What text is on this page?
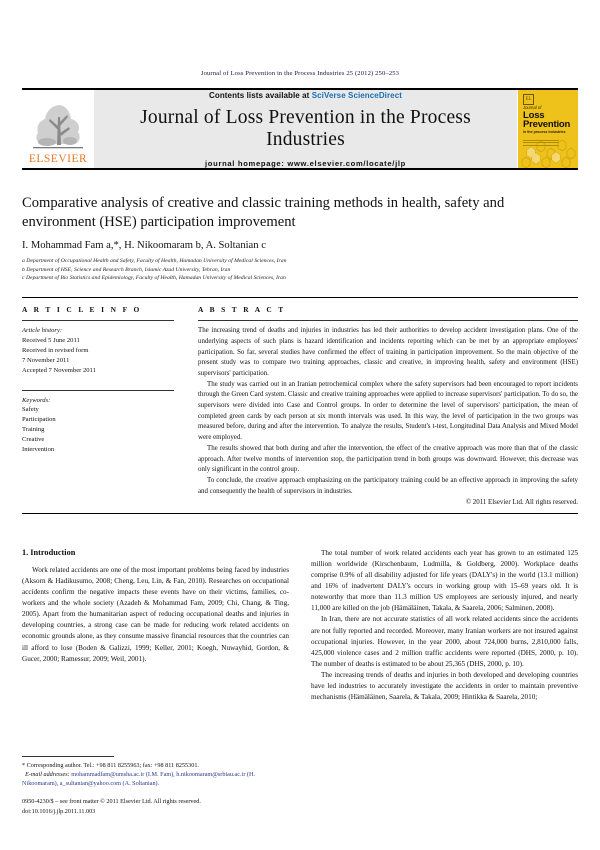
Journal of Loss Prevention in the Process Industries 25 (2012) 250–253
ELSEVIER
Contents lists available at SciVerse ScienceDirect
Journal of Loss Prevention in the Process Industries
journal homepage: www.elsevier.com/locate/jlp
EL
Journal of
Loss
Prevention
in the process industries
Comparative analysis of creative and classic training methods in health, safety and environment (HSE) participation improvement
I. Mohammad Fam a,*, H. Nikoomaram b, A. Soltanian c
a Department of Occupational Health and Safety, Faculty of Health, Hamadan University of Medical Sciences, Iran
b Department of HSE, Science and Research Branch, Islamic Azad University, Tehran, Iran
c Department of Bio Statistics and Epidemiology, Faculty of Health, Hamadan University of Medical Sciences, Iran
A R T I C L E I N F O
Article history:
Received 5 June 2011
Received in revised form
7 November 2011
Accepted 7 November 2011
Keywords:
Safety
Participation
Training
Creative
Intervention
A B S T R A C T

The increasing trend of deaths and injuries in industries has led their authorities to develop accident investigation plans. One of the underlying aspects of such plans is hazard identification and incidents reporting which can be met by an appropriate employees' participation. So far, several studies have confirmed the effect of training in participation improvement. So the main objective of the present study was to compare two training approaches, classic and creative, in improving health, safety and environment (HSE) supervisors' participation.

The study was carried out in an Iranian petrochemical complex where the safety supervisors had been encouraged to report incidents through the Green Card system. Classic and creative training approaches were applied to increase supervisors' participation. To do so, the supervisors were divided into Case and Control groups. In order to determine the level of supervisors' participation, the mean of completed green cards by each person at six month intervals was used. In this way, the level of participation in the two groups was measured before, during and after the intervention. To analyze the results, Student's t-test, Longitudinal Data Analysis and Mixed Model were employed.

The results showed that both during and after the intervention, the effect of the creative approach was more than that of the classic approach. After twelve months of intervention stop, the participation trend in both groups was downward. However, this decrease was only significant in the control group.

To conclude, the creative approach emphasizing on the participatory training could be an effective approach in improving the safety and consequently the health of supervisors in industries.

© 2011 Elsevier Ltd. All rights reserved.
1. Introduction

Work related accidents are one of the most important problems being faced by industries (Aksorn & Hadikusumo, 2008; Cheng, Leu, Lin, & Fan, 2010). Researches on occupational accidents confirm the negative impacts these events have on their victims, families, co-workers and the whole society (Azadeh & Mohammad Fam, 2009; Chi, Chang, & Ting, 2005). Apart from the humanitarian aspect of reducing occupational deaths and injuries in developing countries, a strong case can be made for reducing work related accidents on economic grounds alone, as they consume massive financial resources that the countries can ill afford to lose (Boden & Galizzi, 1999; Keller, 2001; Koegh, Nuwayhid, Gordon, & Gucer, 2000; Ramessur, 2009; Weil, 2001).

The total number of work related accidents each year has grown to an estimated 125 million worldwide (Kirschenbaum, Ludmilla, & Goldberg, 2000). Workplace deaths comprise 0.9% of all disability adjusted for life years (DALY's) in the world (13.1 million) and 16% of inadvertent DALY's occurs in working group with 15–69 years old. It is noteworthy that more than 11.3 million US employees are seriously injured, and nearly 11,000 are killed on the job (Hämäläinen, Takala, & Saarela, 2006; Salminen, 2008).

In Iran, there are not accurate statistics of all work related accidents since the accidents are not fully reported and recorded. Moreover, many Iranian workers are not insured against occupational injuries. However, in the year 2000, about 724,000 burns, 2,810,000 falls, 425,000 violence cases and 2 million traffic accidents were reported (DHS, 2000, p. 10). The number of deaths is estimated to be about 25,365 (DHS, 2000, p. 10).

The increasing trends of deaths and injuries in both developed and developing countries have led industries to accurately investigate the accidents in order to maintain preventive mechanisms (Hämäläinen, Saarela, & Takala, 2009; Hintikka & Saarela, 2010;

* Corresponding author. Tel.: +98 811 8255963; fax: +98 811 8255301.
E-mail addresses: mohammadfam@umsha.ac.ir (I.M. Fam), h.nikoomaram@srbiau.ac.ir (H. Nikoomaram), a_sultanian@yahoo.com (A. Soltanian).
0950-4230/$ – see front matter © 2011 Elsevier Ltd. All rights reserved.
doi:10.1016/j.jlp.2011.11.003
